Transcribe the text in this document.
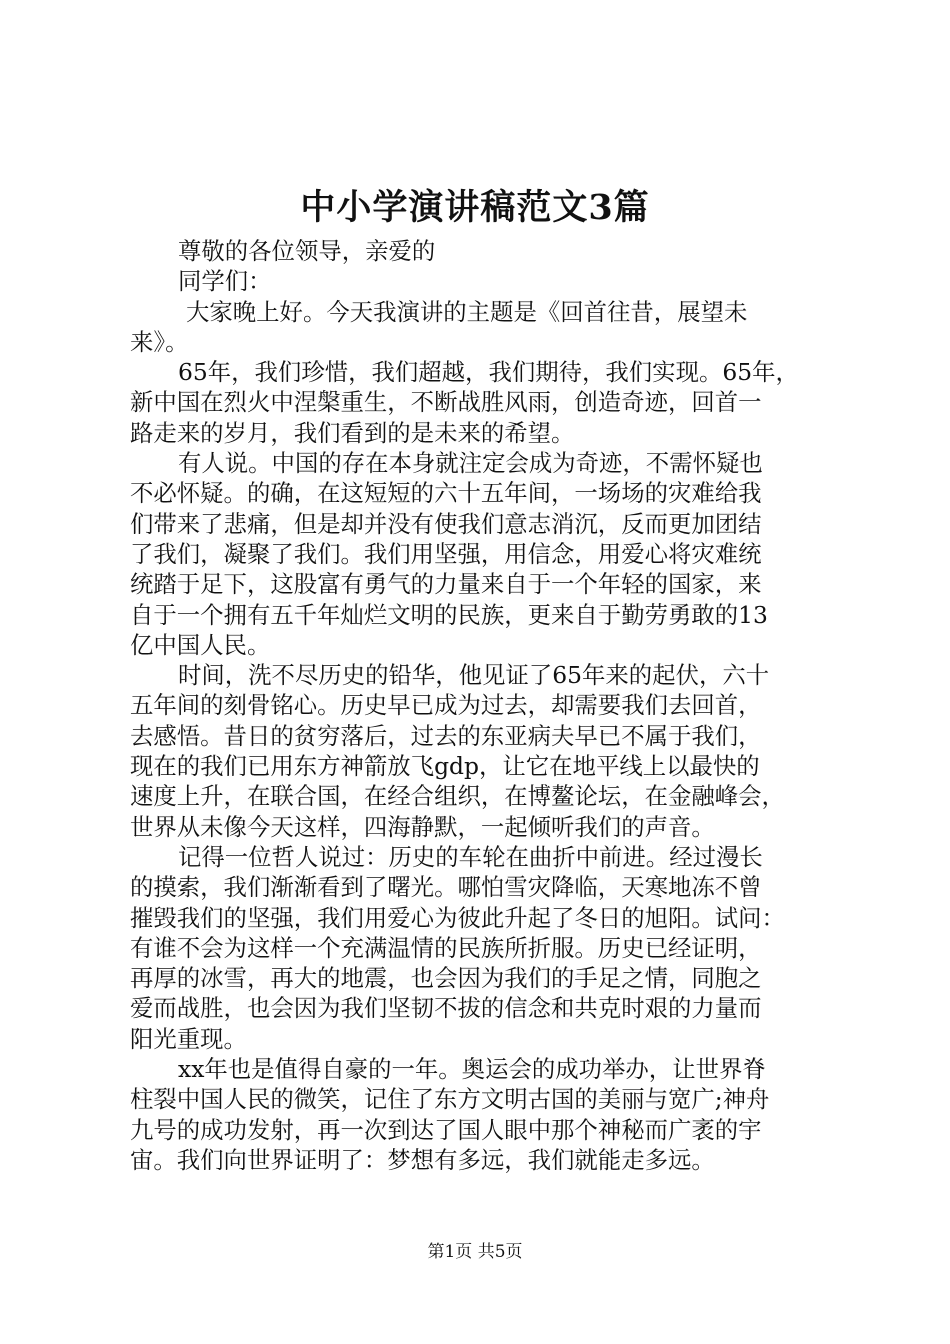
中小学演讲稿范文3篇
尊敬的各位领导，亲爱的
同学们：
大家晚上好。今天我演讲的主题是《回首往昔，展望未
来》。
65年，我们珍惜，我们超越，我们期待，我们实现。65年，
新中国在烈火中涅槃重生，不断战胜风雨，创造奇迹，回首一
路走来的岁月，我们看到的是未来的希望。
有人说。中国的存在本身就注定会成为奇迹，不需怀疑也
不必怀疑。的确，在这短短的六十五年间，一场场的灾难给我
们带来了悲痛，但是却并没有使我们意志消沉，反而更加团结
了我们，凝聚了我们。我们用坚强，用信念，用爱心将灾难统
统踏于足下，这股富有勇气的力量来自于一个年轻的国家，来
自于一个拥有五千年灿烂文明的民族，更来自于勤劳勇敢的13
亿中国人民。
时间，洗不尽历史的铅华，他见证了65年来的起伏，六十
五年间的刻骨铭心。历史早已成为过去，却需要我们去回首，
去感悟。昔日的贫穷落后，过去的东亚病夫早已不属于我们，
现在的我们已用东方神箭放飞gdp，让它在地平线上以最快的
速度上升，在联合国，在经合组织，在博鳌论坛，在金融峰会，
世界从未像今天这样，四海静默，一起倾听我们的声音。
记得一位哲人说过：历史的车轮在曲折中前进。经过漫长
的摸索，我们渐渐看到了曙光。哪怕雪灾降临，天寒地冻不曾
摧毁我们的坚强，我们用爱心为彼此升起了冬日的旭阳。试问：
有谁不会为这样一个充满温情的民族所折服。历史已经证明，
再厚的冰雪，再大的地震，也会因为我们的手足之情，同胞之
爱而战胜，也会因为我们坚韧不拔的信念和共克时艰的力量而
阳光重现。
xx年也是值得自豪的一年。奥运会的成功举办，让世界脊
柱裂中国人民的微笑，记住了东方文明古国的美丽与宽广;神舟
九号的成功发射，再一次到达了国人眼中那个神秘而广袤的宇
宙。我们向世界证明了：梦想有多远，我们就能走多远。
第1页 共5页
